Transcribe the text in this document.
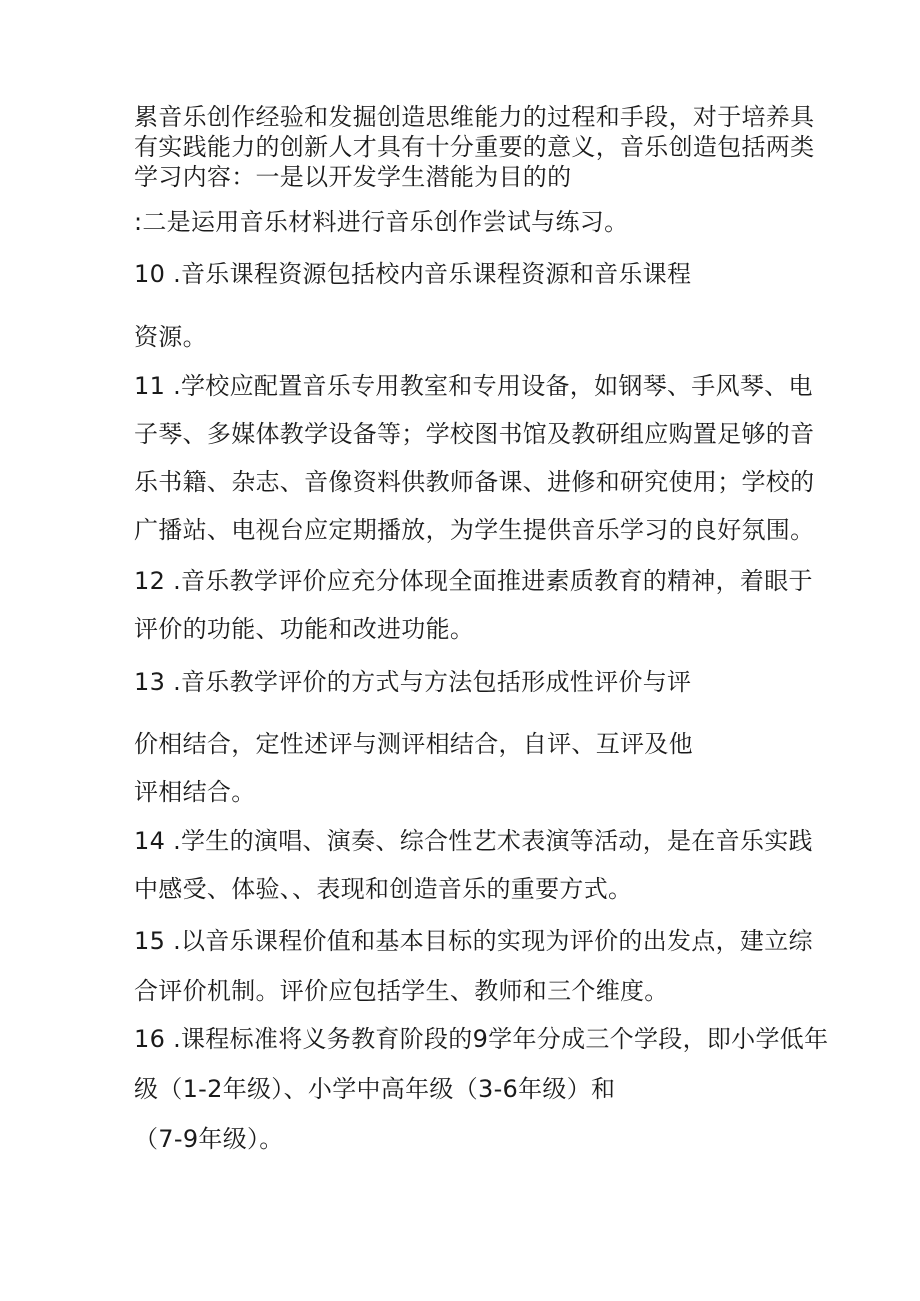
累音乐创作经验和发掘创造思维能力的过程和手段，对于培养具

有实践能力的创新人才具有十分重要的意义，音乐创造包括两类

学习内容：一是以开发学生潜能为目的的

:二是运用音乐材料进行音乐创作尝试与练习。

10 .音乐课程资源包括校内音乐课程资源和音乐课程

资源。

11 .学校应配置音乐专用教室和专用设备，如钢琴、手风琴、电

子琴、多媒体教学设备等；学校图书馆及教研组应购置足够的音

乐书籍、杂志、音像资料供教师备课、进修和研究使用；学校的

广播站、电视台应定期播放，为学生提供音乐学习的良好氛围。

12 .音乐教学评价应充分体现全面推进素质教育的精神，着眼于

评价的功能、功能和改进功能。

13 .音乐教学评价的方式与方法包括形成性评价与评

价相结合，定性述评与测评相结合，自评、互评及他

评相结合。

14 .学生的演唱、演奏、综合性艺术表演等活动，是在音乐实践

中感受、体验、、表现和创造音乐的重要方式。

15 .以音乐课程价值和基本目标的实现为评价的出发点，建立综

合评价机制。评价应包括学生、教师和三个维度。

16 .课程标准将义务教育阶段的9学年分成三个学段，即小学低年

级（1-2年级）、小学中高年级（3-6年级）和

（7-9年级）。
